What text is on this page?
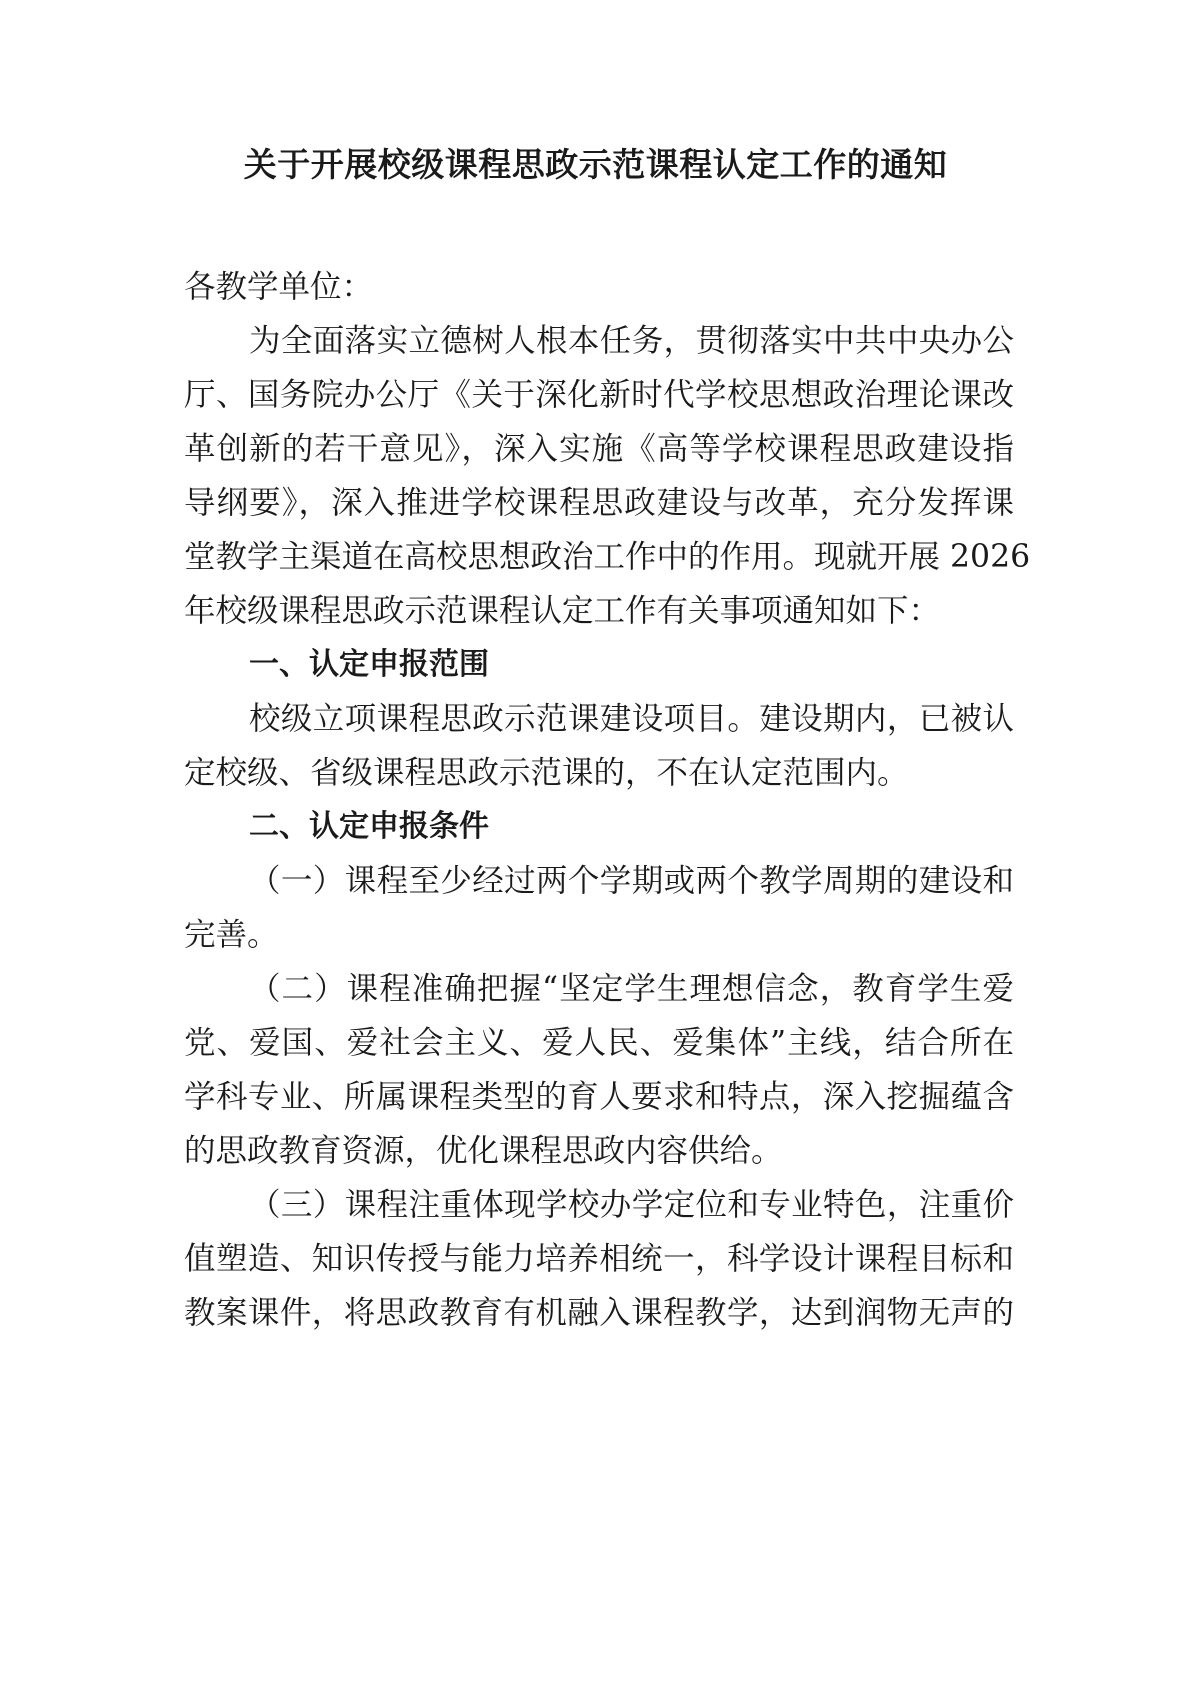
关于开展校级课程思政示范课程认定工作的通知

各教学单位：

为全面落实立德树人根本任务，贯彻落实中共中央办公

厅、国务院办公厅《关于深化新时代学校思想政治理论课改

革创新的若干意见》，深入实施《高等学校课程思政建设指

导纲要》，深入推进学校课程思政建设与改革，充分发挥课

堂教学主渠道在高校思想政治工作中的作用。现就开展 2026

年校级课程思政示范课程认定工作有关事项通知如下：

一、认定申报范围

校级立项课程思政示范课建设项目。建设期内，已被认

定校级、省级课程思政示范课的，不在认定范围内。

二、认定申报条件

（一）课程至少经过两个学期或两个教学周期的建设和

完善。

（二）课程准确把握“坚定学生理想信念，教育学生爱

党、爱国、爱社会主义、爱人民、爱集体”主线，结合所在

学科专业、所属课程类型的育人要求和特点，深入挖掘蕴含

的思政教育资源，优化课程思政内容供给。

（三）课程注重体现学校办学定位和专业特色，注重价

值塑造、知识传授与能力培养相统一，科学设计课程目标和

教案课件，将思政教育有机融入课程教学，达到润物无声的
